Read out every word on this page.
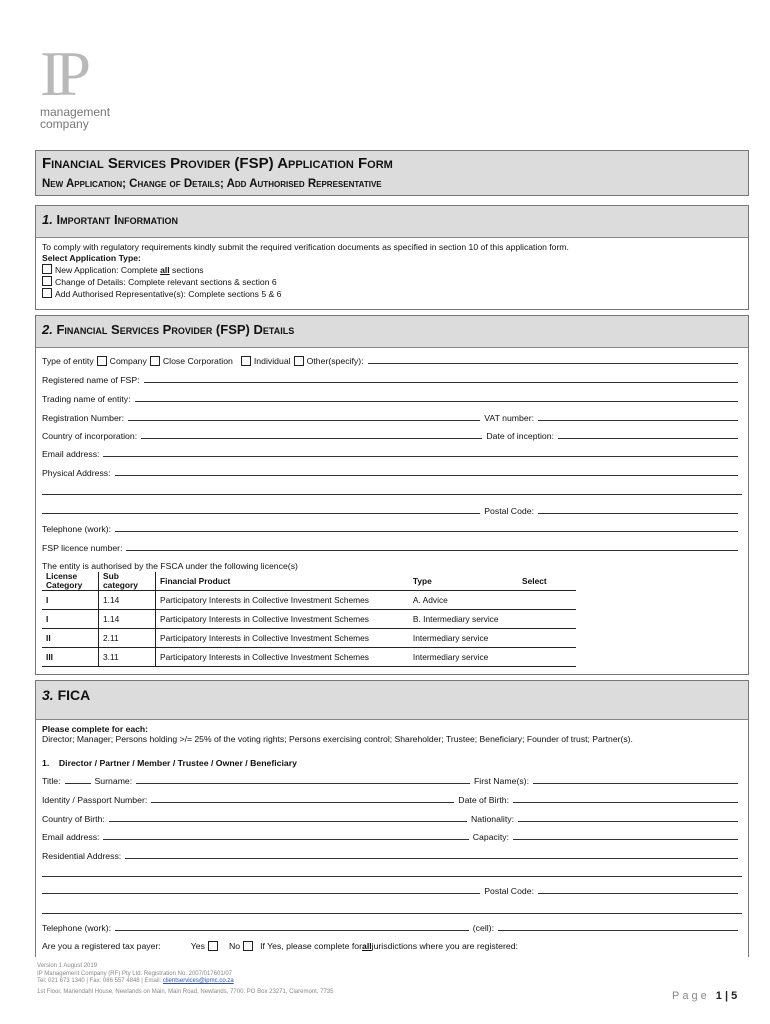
IP
management
company
Financial Services Provider (FSP) Application Form
New Application; Change of Details; Add Authorised Representative
1. Important Information
To comply with regulatory requirements kindly submit the required verification documents as specified in section 10 of this application form.
Select Application Type:
New Application: Complete all sections
Change of Details: Complete relevant sections & section 6
Add Authorised Representative(s): Complete sections 5 & 6
2. Financial Services Provider (FSP) Details
Type of entity Company Close Corporation Individual Other(specify):
Registered name of FSP:
Trading name of entity:
Registration Number:	VAT number:
Country of incorporation:	Date of inception:
Email address:
Physical Address:
Postal Code:
Telephone (work):
FSP licence number:
The entity is authorised by the FSCA under the following licence(s)
License Category	Sub category	Financial Product	Type	Select
I	1.14	Participatory Interests in Collective Investment Schemes	A. Advice	
I	1.14	Participatory Interests in Collective Investment Schemes	B. Intermediary service	
II	2.11	Participatory Interests in Collective Investment Schemes	Intermediary service	
III	3.11	Participatory Interests in Collective Investment Schemes	Intermediary service	
3. FICA
Please complete for each:
Director; Manager; Persons holding >/= 25% of the voting rights; Persons exercising control; Shareholder; Trustee; Beneficiary; Founder of trust; Partner(s).
1.    Director / Partner / Member / Trustee / Owner / Beneficiary
Title:	Surname:	First Name(s):
Identity / Passport Number:	Date of Birth:
Country of Birth:	Nationality:
Email address:	Capacity:
Residential Address:
Postal Code:
Telephone (work):	(cell):
Are you a registered tax payer:	Yes	No If Yes, please complete for all jurisdictions where you are registered:
Version 1 August 2019
IP Management Company (RF) Pty Ltd. Registration No. 2007/017601/07
Tel: 021 673 1340 | Fax: 086 557 4848 | Email: clientservices@ipmc.co.za
1st Floor, Mariendahl House, Newlands on Main, Main Road, Newlands, 7700. PO Box 23271, Claremont, 7735	Page 1 | 5
